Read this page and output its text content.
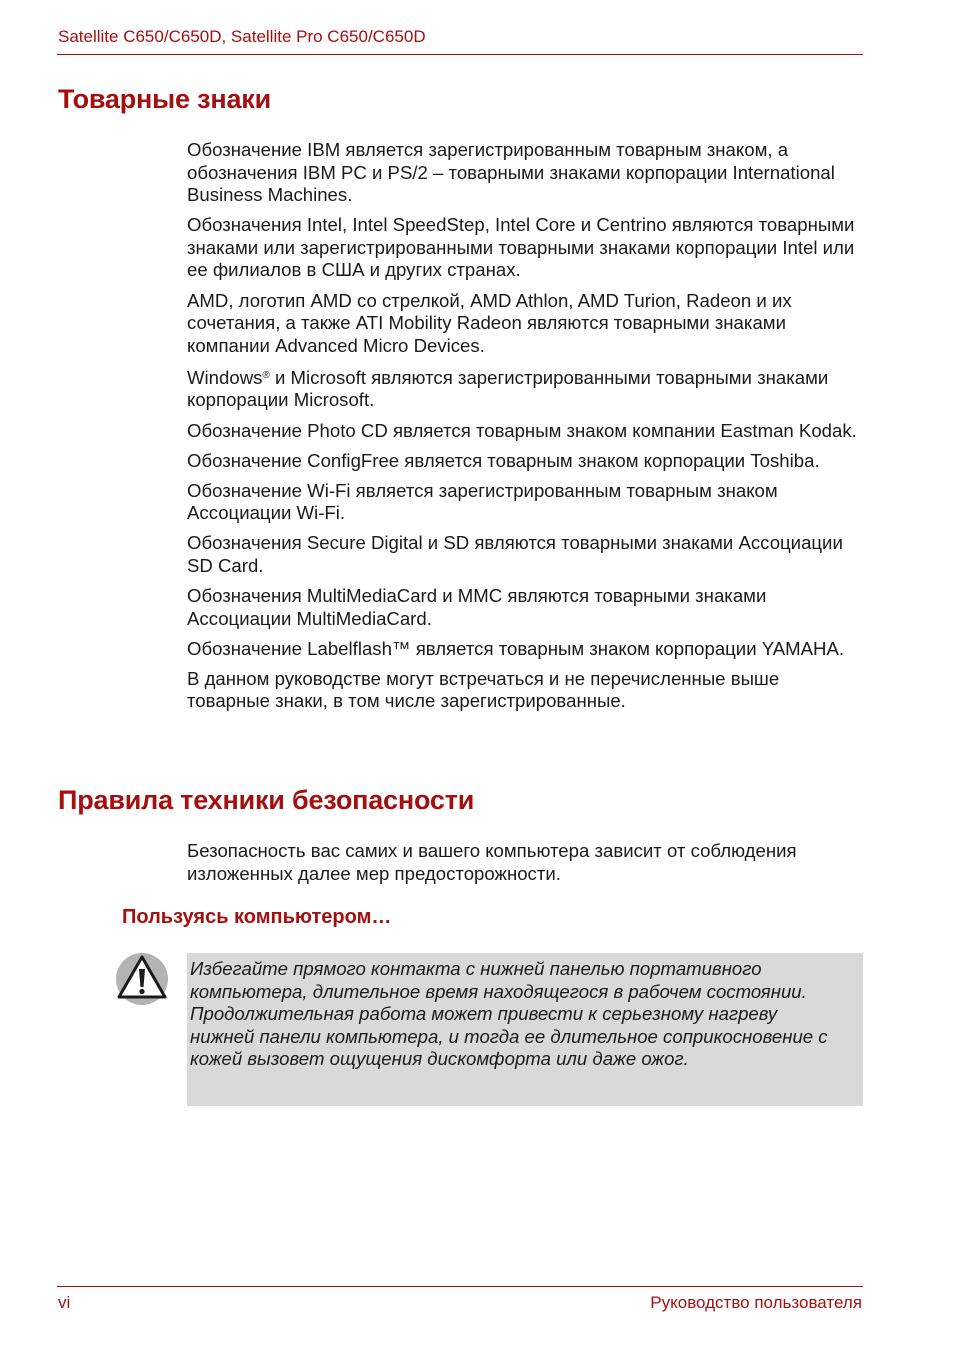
Satellite C650/C650D, Satellite Pro C650/C650D
Товарные знаки

Обозначение IBM является зарегистрированным товарным знаком, а обозначения IBM PC и PS/2 – товарными знаками корпорации International Business Machines.

Обозначения Intel, Intel SpeedStep, Intel Core и Centrino являются товарными знаками или зарегистрированными товарными знаками корпорации Intel или ее филиалов в США и других странах.

AMD, логотип AMD со стрелкой, AMD Athlon, AMD Turion, Radeon и их сочетания, а также ATI Mobility Radeon являются товарными знаками компании Advanced Micro Devices.

Windows® и Microsoft являются зарегистрированными товарными знаками корпорации Microsoft.

Обозначение Photo CD является товарным знаком компании Eastman Kodak.

Обозначение ConfigFree является товарным знаком корпорации Toshiba.

Обозначение Wi-Fi является зарегистрированным товарным знаком Ассоциации Wi-Fi.

Обозначения Secure Digital и SD являются товарными знаками Ассоциации SD Card.

Обозначения MultiMediaCard и MMC являются товарными знаками Ассоциации MultiMediaCard.

Обозначение Labelflash™ является товарным знаком корпорации YAMAHA.

В данном руководстве могут встречаться и не перечисленные выше товарные знаки, в том числе зарегистрированные.

Правила техники безопасности

Безопасность вас самих и вашего компьютера зависит от соблюдения изложенных далее мер предосторожности.

Пользуясь компьютером…
Избегайте прямого контакта с нижней панелью портативного компьютера, длительное время находящегося в рабочем состоянии. Продолжительная работа может привести к серьезному нагреву нижней панели компьютера, и тогда ее длительное соприкосновение с кожей вызовет ощущения дискомфорта или даже ожог.
vi	Руководство пользователя
